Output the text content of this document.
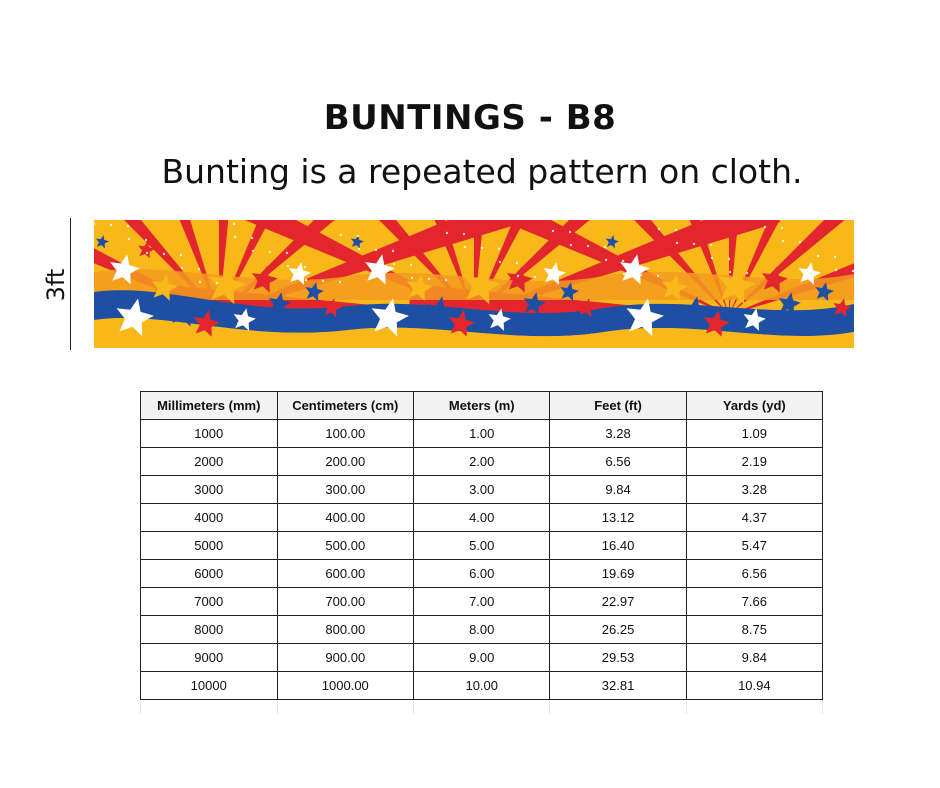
BUNTINGS - B8
Bunting is a repeated pattern on cloth.
3ft
Millimeters (mm)	Centimeters (cm)	Meters (m)	Feet (ft)	Yards (yd)
1000	100.00	1.00	3.28	1.09
2000	200.00	2.00	6.56	2.19
3000	300.00	3.00	9.84	3.28
4000	400.00	4.00	13.12	4.37
5000	500.00	5.00	16.40	5.47
6000	600.00	6.00	19.69	6.56
7000	700.00	7.00	22.97	7.66
8000	800.00	8.00	26.25	8.75
9000	900.00	9.00	29.53	9.84
10000	1000.00	10.00	32.81	10.94
